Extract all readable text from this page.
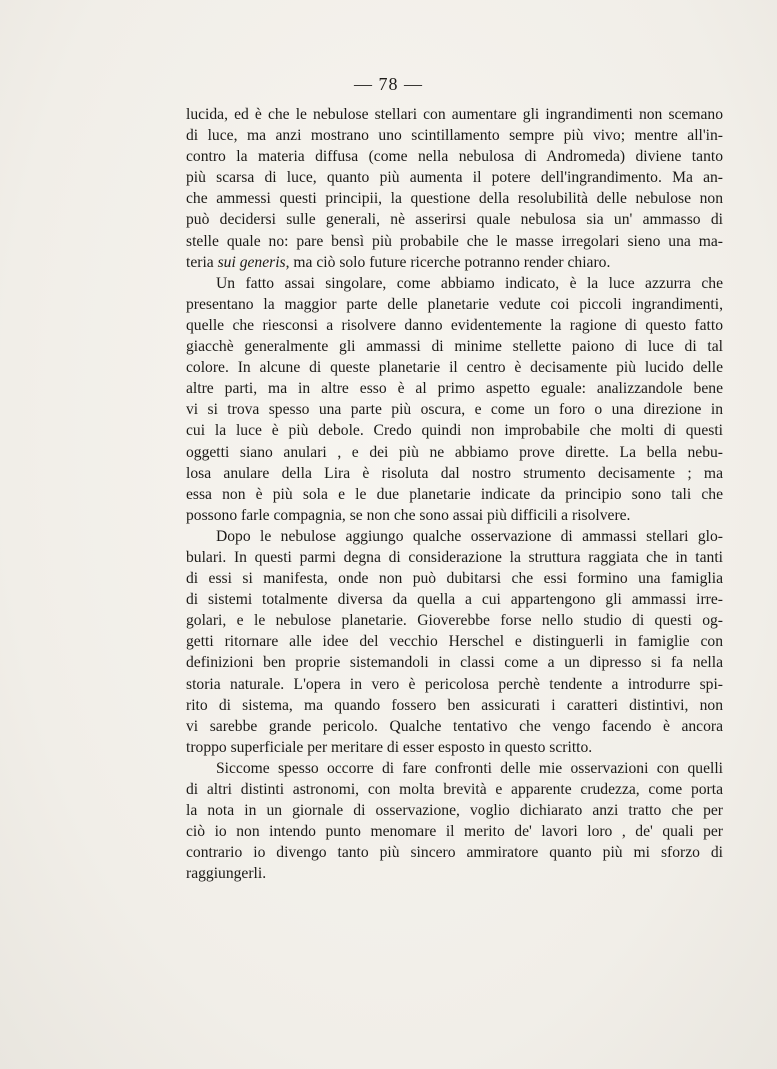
— 78 —

lucida, ed è che le nebulose stellari con aumentare gli ingrandimenti non scemano
di luce, ma anzi mostrano uno scintillamento sempre più vivo; mentre all'in-
contro la materia diffusa (come nella nebulosa di Andromeda) diviene tanto
più scarsa di luce, quanto più aumenta il potere dell'ingrandimento. Ma an-
che ammessi questi principii, la questione della resolubilità delle nebulose non
può decidersi sulle generali, nè asserirsi quale nebulosa sia un' ammasso di
stelle quale no: pare bensì più probabile che le masse irregolari sieno una ma-
teria sui generis, ma ciò solo future ricerche potranno render chiaro.

Un fatto assai singolare, come abbiamo indicato, è la luce azzurra che
presentano la maggior parte delle planetarie vedute coi piccoli ingrandimenti,
quelle che riesconsi a risolvere danno evidentemente la ragione di questo fatto
giacchè generalmente gli ammassi di minime stellette paiono di luce di tal
colore. In alcune di queste planetarie il centro è decisamente più lucido delle
altre parti, ma in altre esso è al primo aspetto eguale: analizzandole bene
vi si trova spesso una parte più oscura, e come un foro o una direzione in
cui la luce è più debole. Credo quindi non improbabile che molti di questi
oggetti siano anulari , e dei più ne abbiamo prove dirette. La bella nebu-
losa anulare della Lira è risoluta dal nostro strumento decisamente ; ma
essa non è più sola e le due planetarie indicate da principio sono tali che
possono farle compagnia, se non che sono assai più difficili a risolvere.

Dopo le nebulose aggiungo qualche osservazione di ammassi stellari glo-
bulari. In questi parmi degna di considerazione la struttura raggiata che in tanti
di essi si manifesta, onde non può dubitarsi che essi formino una famiglia
di sistemi totalmente diversa da quella a cui appartengono gli ammassi irre-
golari, e le nebulose planetarie. Gioverebbe forse nello studio di questi og-
getti ritornare alle idee del vecchio Herschel e distinguerli in famiglie con
definizioni ben proprie sistemandoli in classi come a un dipresso si fa nella
storia naturale. L'opera in vero è pericolosa perchè tendente a introdurre spi-
rito di sistema, ma quando fossero ben assicurati i caratteri distintivi, non
vi sarebbe grande pericolo. Qualche tentativo che vengo facendo è ancora
troppo superficiale per meritare di esser esposto in questo scritto.

Siccome spesso occorre di fare confronti delle mie osservazioni con quelli
di altri distinti astronomi, con molta brevità e apparente crudezza, come porta
la nota in un giornale di osservazione, voglio dichiarato anzi tratto che per
ciò io non intendo punto menomare il merito de' lavori loro , de' quali per
contrario io divengo tanto più sincero ammiratore quanto più mi sforzo di
raggiungerli.
